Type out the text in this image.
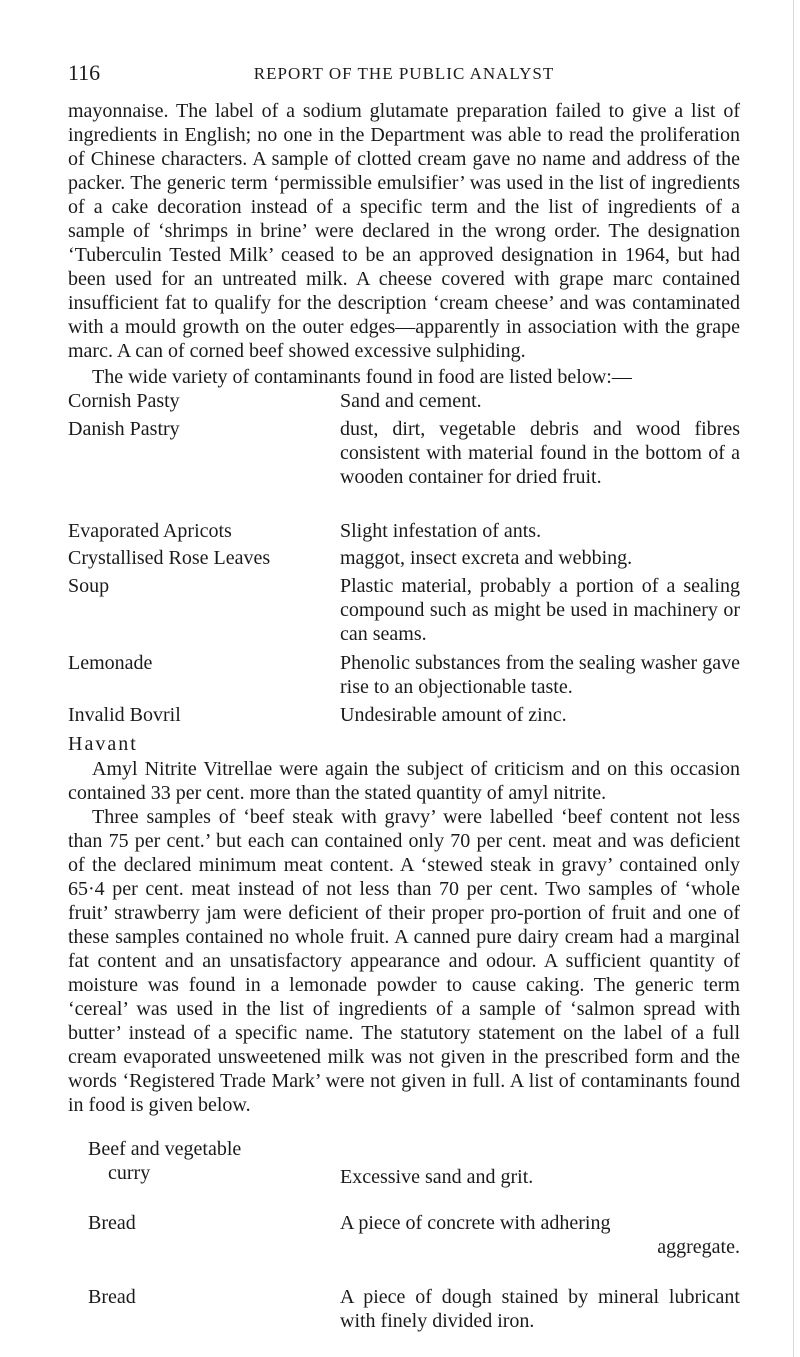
116	REPORT OF THE PUBLIC ANALYST

mayonnaise. The label of a sodium glutamate preparation failed to give a list of ingredients in English; no one in the Department was able to read the proliferation of Chinese characters. A sample of clotted cream gave no name and address of the packer. The generic term ‘permissible emulsifier’ was used in the list of ingredients of a cake decoration instead of a specific term and the list of ingredients of a sample of ‘shrimps in brine’ were declared in the wrong order. The designation ‘Tuberculin Tested Milk’ ceased to be an approved designation in 1964, but had been used for an untreated milk. A cheese covered with grape marc contained insufficient fat to qualify for the description ‘cream cheese’ and was contaminated with a mould growth on the outer edges—apparently in association with the grape marc. A can of corned beef showed excessive sulphiding.

The wide variety of contaminants found in food are listed below:—

Cornish Pasty	Sand and cement.
Danish Pastry	dust, dirt, vegetable debris and wood fibres consistent with material found in the bottom of a wooden container for dried fruit.
Evaporated Apricots	Slight infestation of ants.
Crystallised Rose Leaves	maggot, insect excreta and webbing.
Soup	Plastic material, probably a portion of a sealing compound such as might be used in machinery or can seams.
Lemonade	Phenolic substances from the sealing washer gave rise to an objectionable taste.
Invalid Bovril	Undesirable amount of zinc.
Havant

Amyl Nitrite Vitrellae were again the subject of criticism and on this occasion contained 33 per cent. more than the stated quantity of amyl nitrite.

Three samples of ‘beef steak with gravy’ were labelled ‘beef content not less than 75 per cent.’ but each can contained only 70 per cent. meat and was deficient of the declared minimum meat content. A ‘stewed steak in gravy’ contained only 65·4 per cent. meat instead of not less than 70 per cent. Two samples of ‘whole fruit’ strawberry jam were deficient of their proper pro-portion of fruit and one of these samples contained no whole fruit. A canned pure dairy cream had a marginal fat content and an unsatisfactory appearance and odour. A sufficient quantity of moisture was found in a lemonade powder to cause caking. The generic term ‘cereal’ was used in the list of ingredients of a sample of ‘salmon spread with butter’ instead of a specific name. The statutory statement on the label of a full cream evaporated unsweetened milk was not given in the prescribed form and the words ‘Registered Trade Mark’ were not given in full. A list of contaminants found in food is given below.

Beef and vegetable
curry	Excessive sand and grit.
Bread	A piece of concrete with adhering

aggregate.
Bread	A piece of dough stained by mineral lubricant with finely divided iron.
